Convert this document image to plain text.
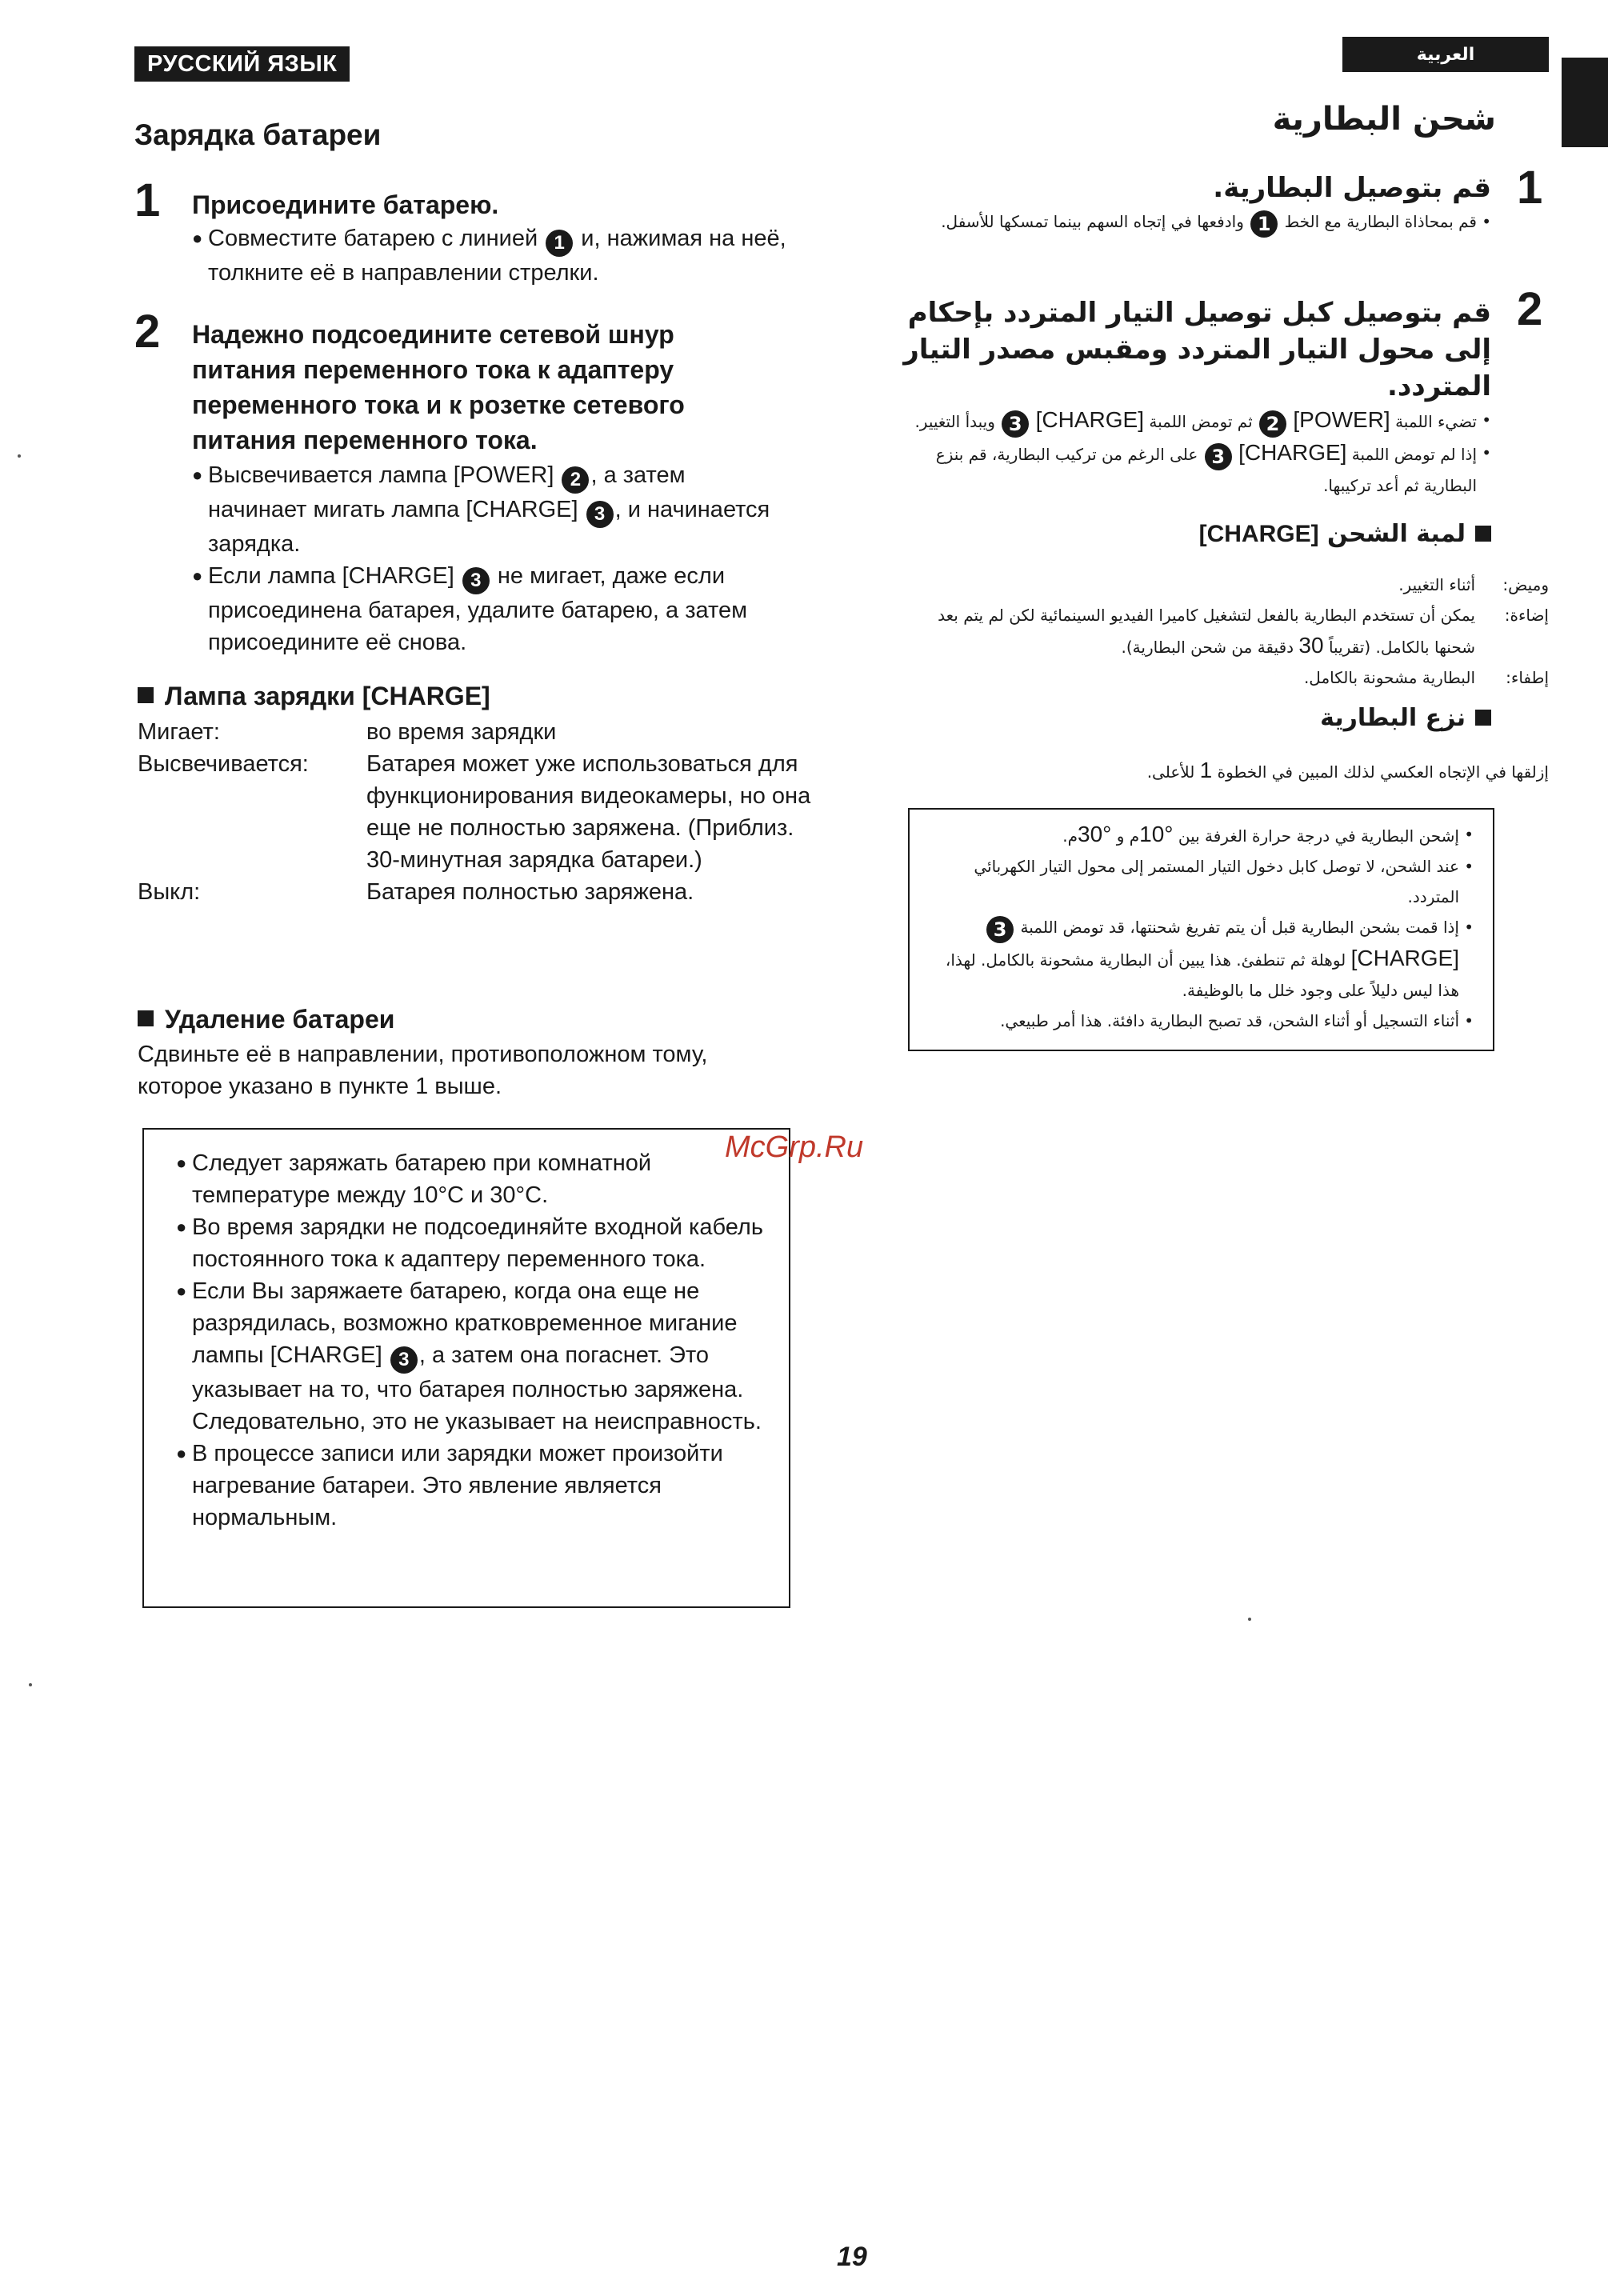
РУССКИЙ ЯЗЫК
Зарядка батареи
1 Присоедините батарею.
● Совместите батарею с линией 1 и, нажимая на неё, толкните её в направлении стрелки.
2 Надежно подсоедините сетевой шнур питания переменного тока к адаптеру переменного тока и к розетке сетевого питания переменного тока.
● Высвечивается лампа [POWER] 2 , а затем начинает мигать лампа [CHARGE] 3 , и начинается зарядка.
● Если лампа [CHARGE] 3 не мигает, даже если присоединена батарея, удалите батарею, а затем присоедините её снова.
Лампа зарядки [CHARGE]
Мигает:	во время зарядки
Высвечивается:	Батарея может уже использоваться для функционирования видеокамеры, но она еще не полностью заряжена. (Приблиз. 30-минутная зарядка батареи.)
Выкл:	Батарея полностью заряжена.
Удаление батареи
Сдвиньте её в направлении, противоположном тому, которое указано в пункте 1 выше.
● Следует заряжать батарею при комнатной температуре между 10°C и 30°C.
● Во время зарядки не подсоединяйте входной кабель постоянного тока к адаптеру переменного тока.
● Если Вы заряжаете батарею, когда она еще не разрядилась, возможно кратковременное мигание лампы [CHARGE] 3 , а затем она погаснет. Это указывает на то, что батарея полностью заряжена. Следовательно, это не указывает на неисправность.
● В процессе записи или зарядки может произойти нагревание батареи. Это явление является нормальным.
العربية
شحن البطارية
1
قم بتوصيل البطارية.
• قم بمحاذاة البطارية مع الخط 1 وادفعها في إتجاه السهم بينما تمسكها للأسفل.
2
قم بتوصيل كبل توصيل التيار المتردد بإحكام إلى محول التيار المتردد ومقبس مصدر التيار المتردد.
• تضيء اللمبة [POWER] 2 ثم تومض اللمبة [CHARGE] 3 ويبدأ التغيير.
• إذا لم تومض اللمبة [CHARGE] 3 على الرغم من تركيب البطارية، قم بنزع البطارية ثم أعد تركيبها.
لمبة الشحن [CHARGE]
وميض:
أثناء التغيير.
إضاءة:
يمكن أن تستخدم البطارية بالفعل لتشغيل كاميرا الفيديو السينمائية لكن لم يتم بعد شحنها بالكامل. (تقريباً 30 دقيقة من شحن البطارية).
إطفاء:
البطارية مشحونة بالكامل.
نزع البطارية
إزلقها في الإتجاه العكسي لذلك المبين في الخطوة 1 للأعلى.
• إشحن البطارية في درجة حرارة الغرفة بين 10°م و 30°م.
• عند الشحن، لا توصل كابل دخول التيار المستمر إلى محول التيار الكهربائي المتردد.
• إذا قمت بشحن البطارية قبل أن يتم تفريغ شحنتها، قد تومض اللمبة 3 [CHARGE] لوهلة ثم تنطفئ. هذا يبين أن البطارية مشحونة بالكامل. لهذا، هذا ليس دليلاً على وجود خلل ما بالوظيفة.
• أثناء التسجيل أو أثناء الشحن، قد تصبح البطارية دافئة. هذا أمر طبيعي.
McGrp.Ru
19
